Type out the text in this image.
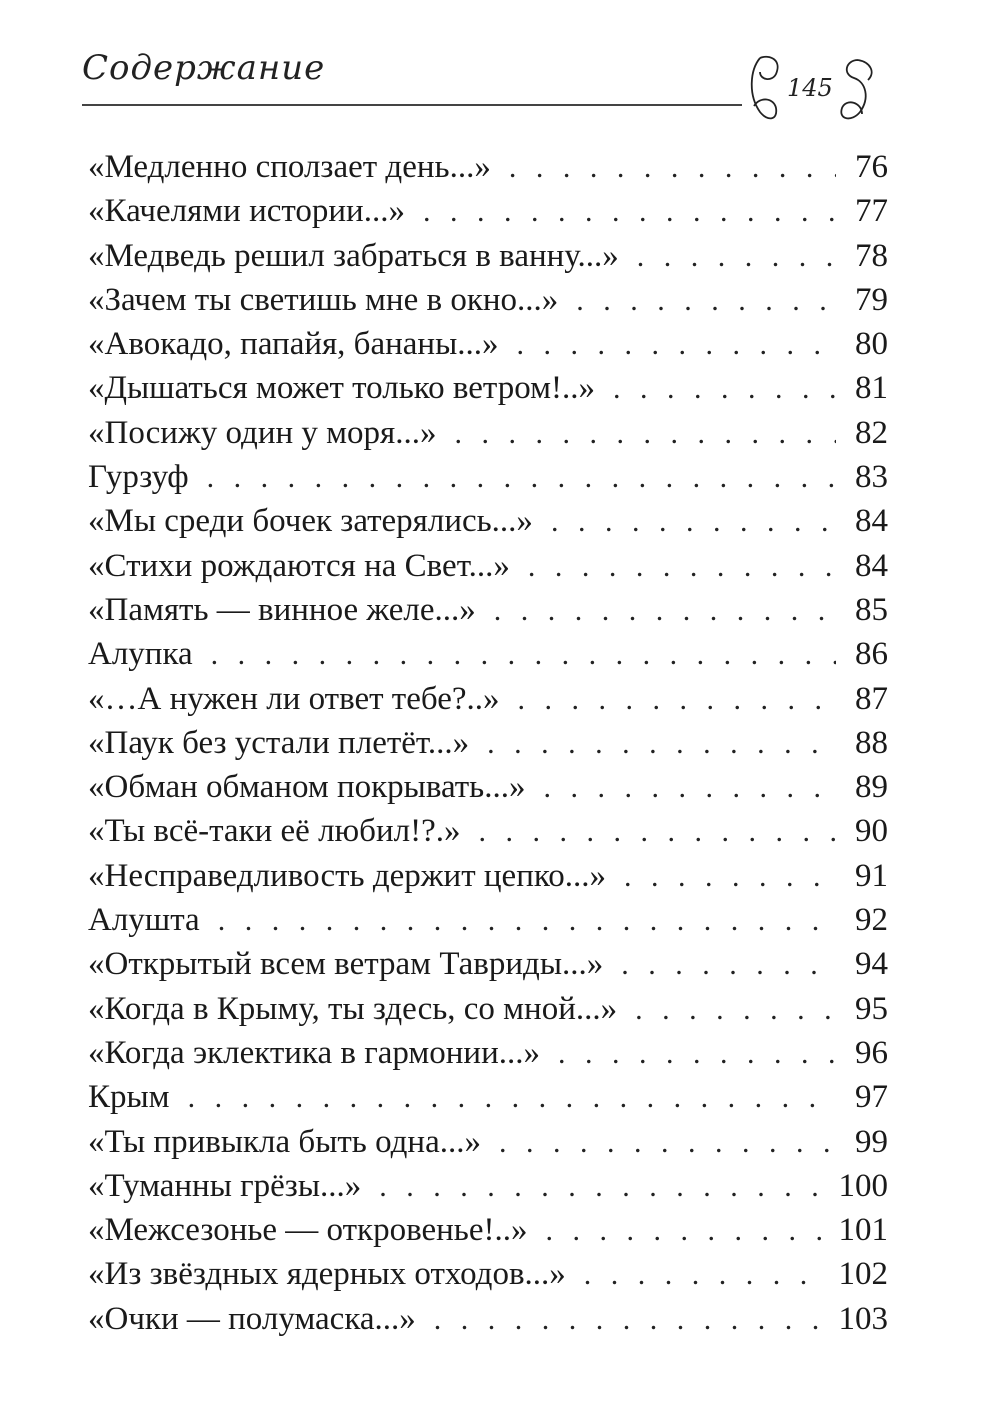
Содержание	145
«Медленно сползает день...» . . .	76
«Качелями истории...» . . .	77
«Медведь решил забраться в ванну...» . . .	78
«Зачем ты светишь мне в окно...» . . .	79
«Авокадо, папайя, бананы...» . . .	80
«Дышаться может только ветром!..» . . .	81
«Посижу один у моря...» . . .	82
Гурзуф . . .	83
«Мы среди бочек затерялись...» . . .	84
«Стихи рождаются на Свет...» . . .	84
«Память — винное желе...» . . .	85
Алупка . . .	86
«…А нужен ли ответ тебе?..» . . .	87
«Паук без устали плетёт...» . . .	88
«Обман обманом покрывать...» . . .	89
«Ты всё-таки её любил!?.» . . .	90
«Несправедливость держит цепко...» . . .	91
Алушта . . .	92
«Открытый всем ветрам Тавриды...» . . .	94
«Когда в Крыму, ты здесь, со мной...» . . .	95
«Когда эклектика в гармонии...» . . .	96
Крым . . .	97
«Ты привыкла быть одна...» . . .	99
«Туманны грёзы...» . . .	100
«Межсезонье — откровенье!..» . . .	101
«Из звёздных ядерных отходов...» . . .	102
«Очки — полумаска...» . . .	103
